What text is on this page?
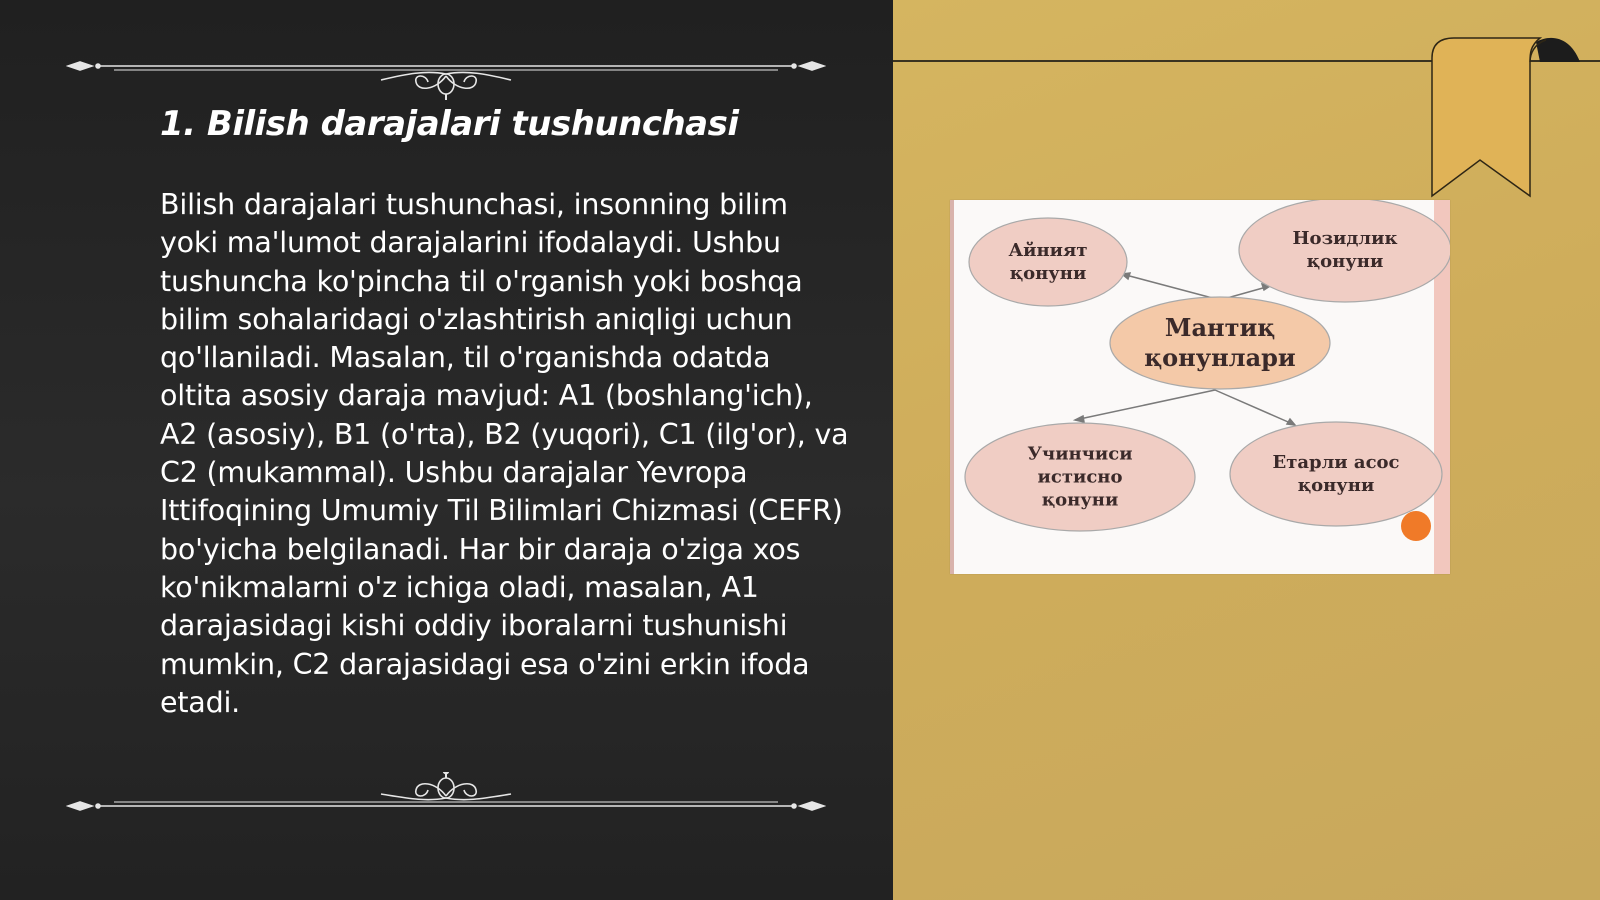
1. Bilish darajalari tushunchasi

Bilish darajalari tushunchasi, insonning bilim yoki ma'lumot darajalarini ifodalaydi. Ushbu tushuncha ko'pincha til o'rganish yoki boshqa bilim sohalaridagi o'zlashtirish aniqligi uchun qo'llaniladi. Masalan, til o'rganishda odatda oltita asosiy daraja mavjud: A1 (boshlang'ich), A2 (asosiy), B1 (o'rta), B2 (yuqori), C1 (ilg'or), va C2 (mukammal). Ushbu darajalar Yevropa Ittifoqining Umumiy Til Bilimlari Chizmasi (CEFR) bo'yicha belgilanadi. Har bir daraja o'ziga xos ko'nikmalarni o'z ichiga oladi, masalan, A1 darajasidagi kishi oddiy iboralarni tushunishi mumkin, C2 darajasidagi esa o'zini erkin ifoda etadi.

Айният
қонуни
Нозидлик
қонуни
Мантиқ
қонунлари
Учинчиси
истисно
қонуни
Етарли асос
қонуни
